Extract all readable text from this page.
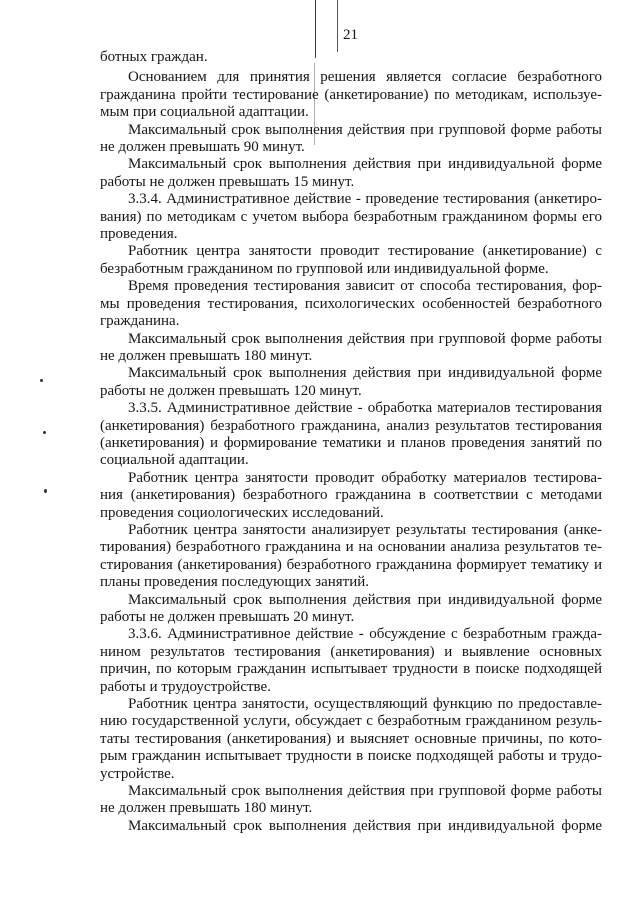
21

ботных граждан.

Основанием для принятия решения является согласие безработного
гражданина пройти тестирование (анкетирование) по методикам, используе-
мым при социальной адаптации.

Максимальный срок выполнения действия при групповой форме работы
не должен превышать 90 минут.

Максимальный срок выполнения действия при индивидуальной форме
работы не должен превышать 15 минут.

3.3.4. Административное действие - проведение тестирования (анкетиро-
вания) по методикам с учетом выбора безработным гражданином формы его
проведения.

Работник центра занятости проводит тестирование (анкетирование) с
безработным гражданином по групповой или индивидуальной форме.

Время проведения тестирования зависит от способа тестирования, фор-
мы проведения тестирования, психологических особенностей безработного
гражданина.

Максимальный срок выполнения действия при групповой форме работы
не должен превышать 180 минут.

Максимальный срок выполнения действия при индивидуальной форме
работы не должен превышать 120 минут.

3.3.5. Административное действие - обработка материалов тестирования
(анкетирования) безработного гражданина, анализ результатов тестирования
(анкетирования) и формирование тематики и планов проведения занятий по
социальной адаптации.

Работник центра занятости проводит обработку материалов тестирова-
ния (анкетирования) безработного гражданина в соответствии с методами
проведения социологических исследований.

Работник центра занятости анализирует результаты тестирования (анке-
тирования) безработного гражданина и на основании анализа результатов те-
стирования (анкетирования) безработного гражданина формирует тематику и
планы проведения последующих занятий.

Максимальный срок выполнения действия при индивидуальной форме
работы не должен превышать 20 минут.

3.3.6. Административное действие - обсуждение с безработным гражда-
нином результатов тестирования (анкетирования) и выявление основных
причин, по которым гражданин испытывает трудности в поиске подходящей
работы и трудоустройстве.

Работник центра занятости, осуществляющий функцию по предоставле-
нию государственной услуги, обсуждает с безработным гражданином резуль-
таты тестирования (анкетирования) и выясняет основные причины, по кото-
рым гражданин испытывает трудности в поиске подходящей работы и трудо-
устройстве.

Максимальный срок выполнения действия при групповой форме работы
не должен превышать 180 минут.

Максимальный срок выполнения действия при индивидуальной форме
